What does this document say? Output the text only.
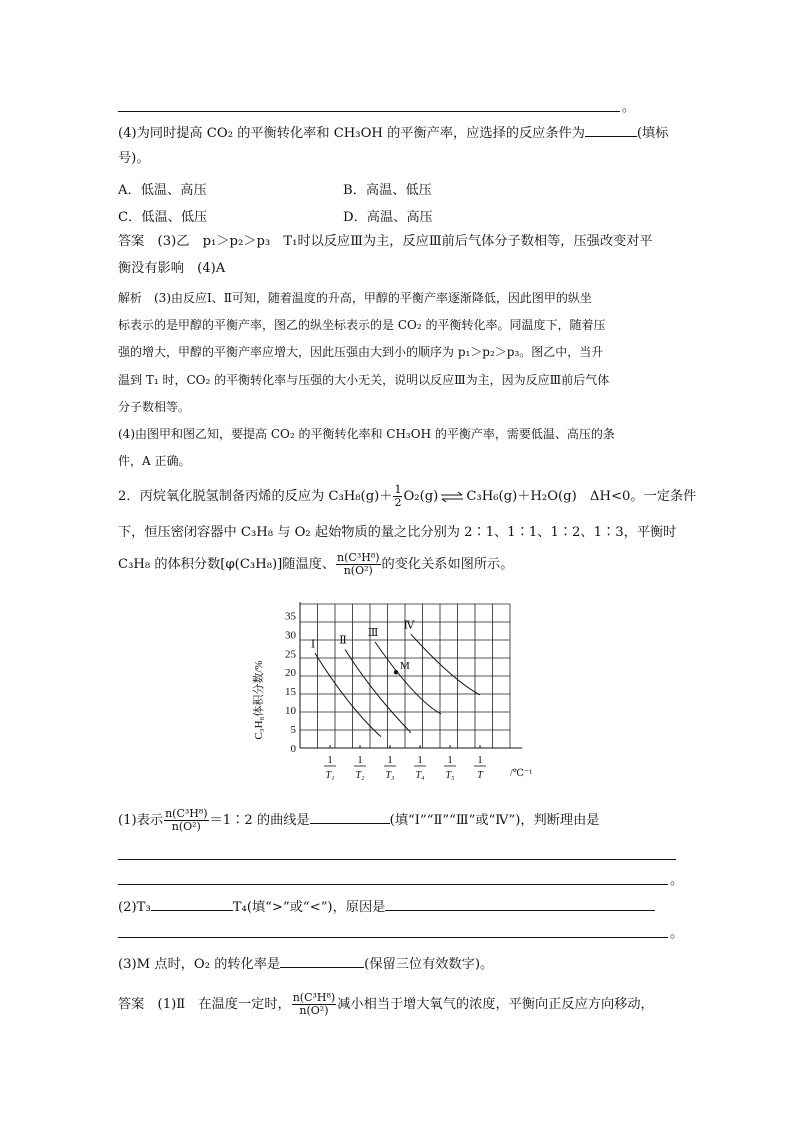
。
(4)为同时提高 CO₂ 的平衡转化率和 CH₃OH 的平衡产率，应选择的反应条件为	(填标
号)。
A．低温、高压	B．高温、低压
C．低温、低压	D．高温、高压
答案　(3)乙　p₁＞p₂＞p₃　T₁时以反应Ⅲ为主，反应Ⅲ前后气体分子数相等，压强改变对平
衡没有影响　(4)A
解析　(3)由反应Ⅰ、Ⅱ可知，随着温度的升高，甲醇的平衡产率逐渐降低，因此图甲的纵坐
标表示的是甲醇的平衡产率，图乙的纵坐标表示的是 CO₂ 的平衡转化率。同温度下，随着压
强的增大，甲醇的平衡产率应增大，因此压强由大到小的顺序为 p₁＞p₂＞p₃。图乙中，当升
温到 T₁ 时，CO₂ 的平衡转化率与压强的大小无关，说明以反应Ⅲ为主，因为反应Ⅲ前后气体
分子数相等。
(4)由图甲和图乙知，要提高 CO₂ 的平衡转化率和 CH₃OH 的平衡产率，需要低温、高压的条
件，A 正确。
2．丙烷氧化脱氢制备丙烯的反应为 $C_3H_8(g)+ \frac{1}{2} O_2(g)$ ⇌ C₃H₆(g)＋H₂O(g)　ΔH<0。一定条件
下，恒压密闭容器中 C₃H₈ 与 O₂ 起始物质的量之比分别为 2∶1、1∶1、1∶2、1∶3，平衡时
C₃H₈ 的体积分数[φ(C₃H₈)]随温度、 $\frac{\text{n(C³H⁸)}}{\text{n(O²)}}$ 的变化关系如图所示。
35
30
25
20
15
10
5
0
1
T₁
1
T₂
1
T₃
1
T₄
1
T₅
1
T
Ⅰ Ⅱ
Ⅲ
Ⅳ
M
C₃H₈体积分数/%
/℃⁻¹
(1)表示 $\frac{\text{n(C³H⁸)}}{\text{n(O²)}}$ ＝1∶2 的曲线是	(填“Ⅰ”“Ⅱ”“Ⅲ”或“Ⅳ”)，判断理由是
。
(2)T₃	T₄(填“>”或“<”)，原因是
。
(3)M 点时，O₂ 的转化率是	(保留三位有效数字)。
答案　(1)Ⅱ　在温度一定时， $\frac{\text{n(C³H⁸)}}{\text{n(O²)}}$ 减小相当于增大氧气的浓度，平衡向正反应方向移动，
